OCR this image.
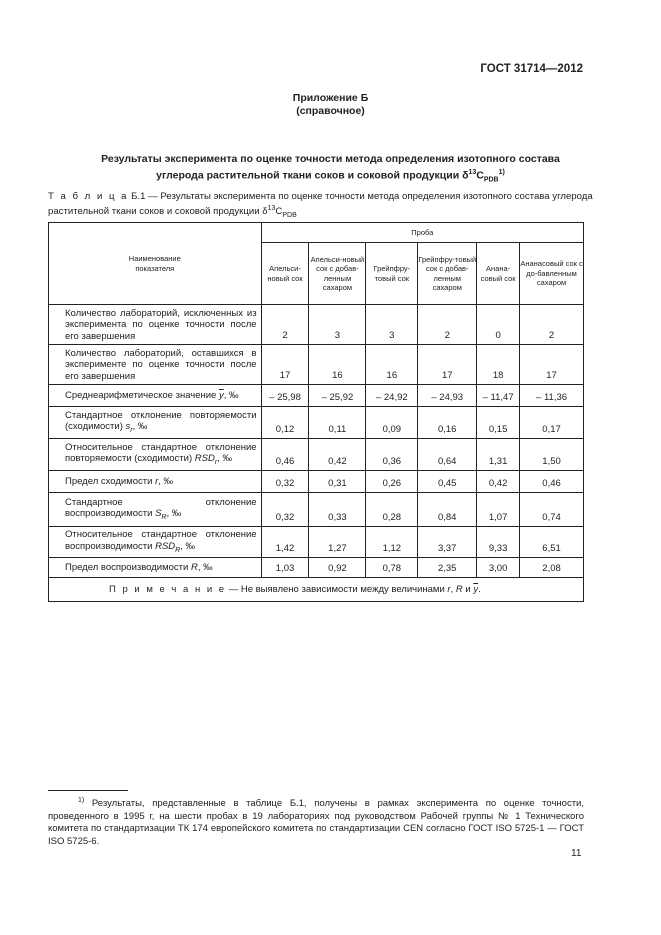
ГОСТ 31714—2012
Приложение Б
(справочное)
Результаты эксперимента по оценке точности метода определения изотопного состава
углерода растительной ткани соков и соковой продукции $\delta^{13}С_{PDB}^{1)}$
Т а б л и ц а Б.1 — Результаты эксперимента по оценке точности метода определения изотопного состава углерода растительной ткани соков и соковой продукции $\delta^{13}С_{PDB}$
Наименование показателя	Проба					
	Апельси-новый сок	Апельси-новый сок с добав-ленным сахаром	Грейпфру-товый сок	Грейпфру-товый сок с добав-ленным сахаром	Анана-совый сок	Ананасовый сок с до-бавленным сахаром
Количество лабораторий, исключенных из эксперимента по оценке точности после его завершения	2	3	3	2	0	2
Количество лабораторий, оставшихся в эксперименте по оценке точности после его завершения	17	16	16	17	18	17
Среднеарифметическое значение $\overline{y}$, ‰	– 25,98	– 25,92	– 24,92	– 24,93	– 11,47	– 11,36
Стандартное отклонение повторяемости (сходимости) $s_r$, ‰	0,12	0,11	0,09	0,16	0,15	0,17
Относительное стандартное отклонение повторяемости (сходимости) $RSD_r$, ‰	0,46	0,42	0,36	0,64	1,31	1,50
Предел сходимости r, ‰	0,32	0,31	0,26	0,45	0,42	0,46
Стандартное отклонение воспроизводимости $S_R$, ‰	0,32	0,33	0,28	0,84	1,07	0,74
Относительное стандартное отклонение воспроизводимости $RSD_R$, ‰	1,42	1,27	1,12	3,37	9,33	6,51
Предел воспроизводимости R, ‰	1,03	0,92	0,78	2,35	3,00	2,08
П р и м е ч а н и е — Не выявлено зависимости между величинами r, R и $\overline{y}$.						
$^{1)}$ Результаты, представленные в таблице Б.1, получены в рамках эксперимента по оценке точности, проведенного в 1995 г, на шести пробах в 19 лабораториях под руководством Рабочей группы № 1 Технического комитета по стандартизации ТК 174 европейского комитета по стандартизации CEN согласно ГОСТ ISO 5725-1 — ГОСТ ISO 5725-6.
11
